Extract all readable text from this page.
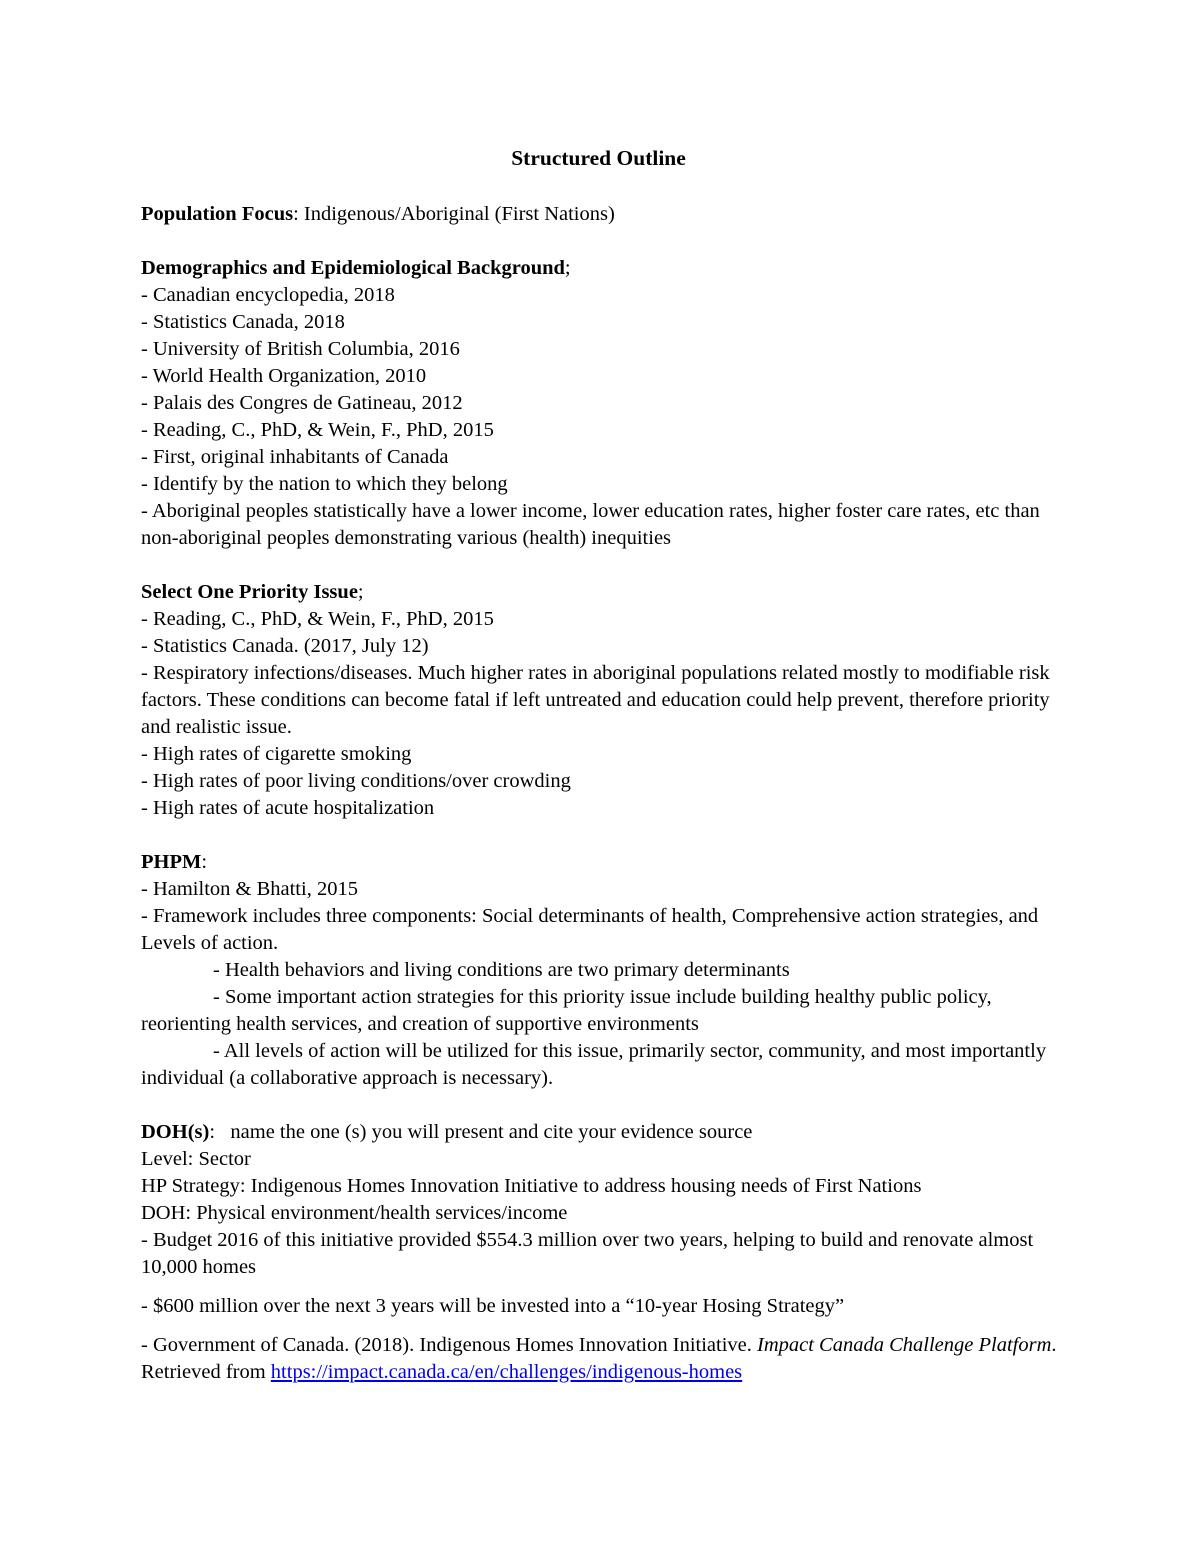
Structured Outline

Population Focus: Indigenous/Aboriginal (First Nations)

Demographics and Epidemiological Background;

- Canadian encyclopedia, 2018

- Statistics Canada, 2018

- University of British Columbia, 2016

- World Health Organization, 2010

- Palais des Congres de Gatineau, 2012

- Reading, C., PhD, & Wein, F., PhD, 2015

- First, original inhabitants of Canada

- Identify by the nation to which they belong

- Aboriginal peoples statistically have a lower income, lower education rates, higher foster care rates, etc than non-aboriginal peoples demonstrating various (health) inequities

Select One Priority Issue;

- Reading, C., PhD, & Wein, F., PhD, 2015

- Statistics Canada. (2017, July 12)

- Respiratory infections/diseases. Much higher rates in aboriginal populations related mostly to modifiable risk factors. These conditions can become fatal if left untreated and education could help prevent, therefore priority and realistic issue.

- High rates of cigarette smoking

- High rates of poor living conditions/over crowding

- High rates of acute hospitalization

PHPM:

- Hamilton & Bhatti, 2015

- Framework includes three components: Social determinants of health, Comprehensive action strategies, and Levels of action.

- Health behaviors and living conditions are two primary determinants

- Some important action strategies for this priority issue include building healthy public policy, reorienting health services, and creation of supportive environments

- All levels of action will be utilized for this issue, primarily sector, community, and most importantly individual (a collaborative approach is necessary).

DOH(s):   name the one (s) you will present and cite your evidence source

Level: Sector

HP Strategy: Indigenous Homes Innovation Initiative to address housing needs of First Nations

DOH: Physical environment/health services/income

- Budget 2016 of this initiative provided $554.3 million over two years, helping to build and renovate almost 10,000 homes

- $600 million over the next 3 years will be invested into a “10-year Hosing Strategy”

- Government of Canada. (2018). Indigenous Homes Innovation Initiative. Impact Canada Challenge Platform. Retrieved from https://impact.canada.ca/en/challenges/indigenous-homes
